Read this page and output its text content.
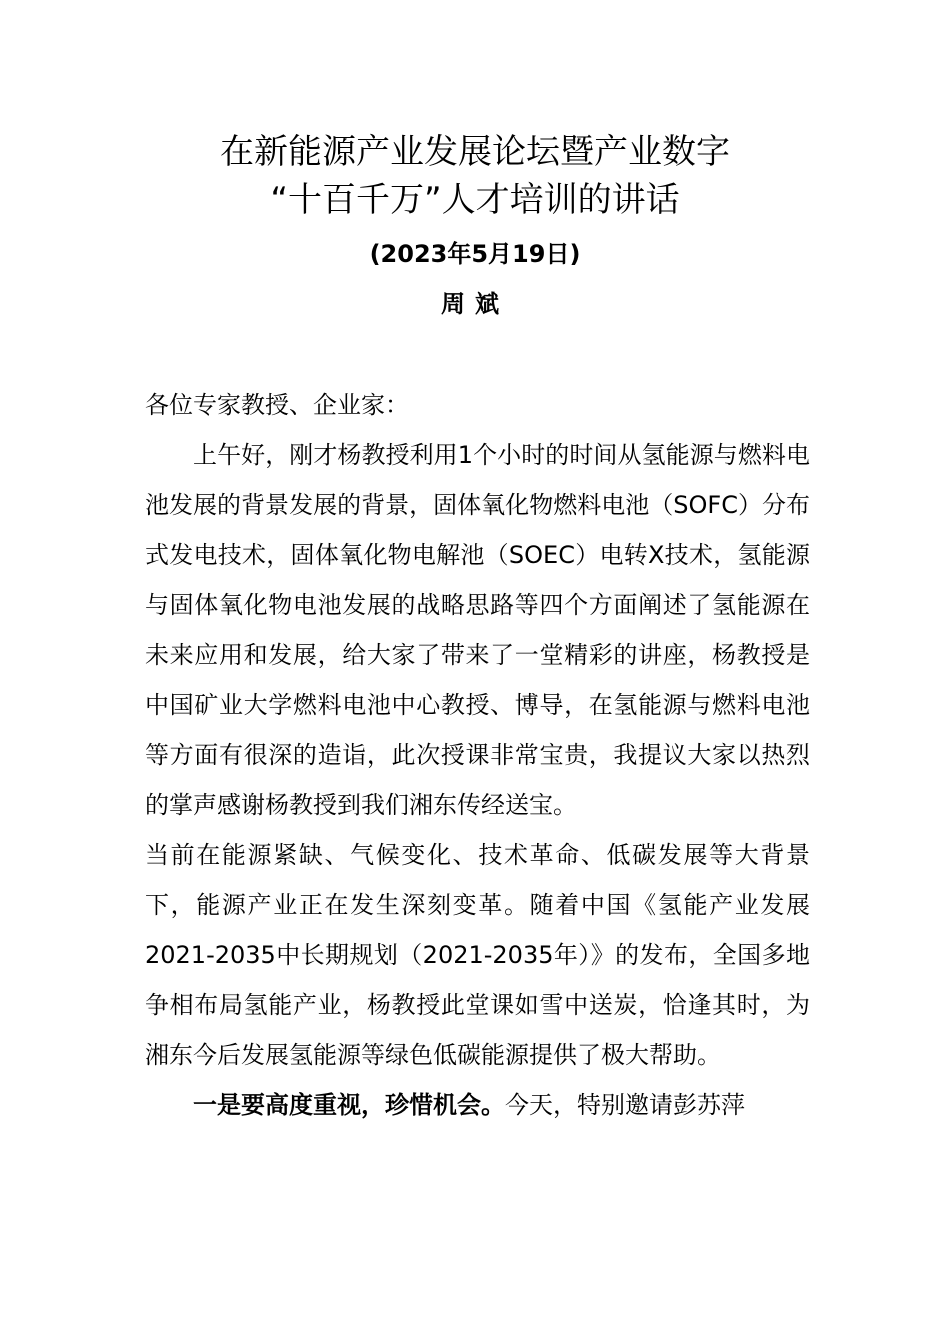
在新能源产业发展论坛暨产业数字
“十百千万”人才培训的讲话
(2023年5月19日)
周斌

各位专家教授、企业家：

上午好，刚才杨教授利用1个小时的时间从氢能源与燃料电池发展的背景发展的背景，固体氧化物燃料电池（SOFC）分布式发电技术，固体氧化物电解池（SOEC）电转X技术，氢能源与固体氧化物电池发展的战略思路等四个方面阐述了氢能源在未来应用和发展，给大家了带来了一堂精彩的讲座，杨教授是中国矿业大学燃料电池中心教授、博导，在氢能源与燃料电池等方面有很深的造诣，此次授课非常宝贵，我提议大家以热烈的掌声感谢杨教授到我们湘东传经送宝。

当前在能源紧缺、气候变化、技术革命、低碳发展等大背景下，能源产业正在发生深刻变革。随着中国《氢能产业发展2021-2035中长期规划（2021-2035年）》的发布，全国多地争相布局氢能产业，杨教授此堂课如雪中送炭，恰逢其时，为湘东今后发展氢能源等绿色低碳能源提供了极大帮助。

一是要高度重视，珍惜机会。今天，特别邀请彭苏萍
